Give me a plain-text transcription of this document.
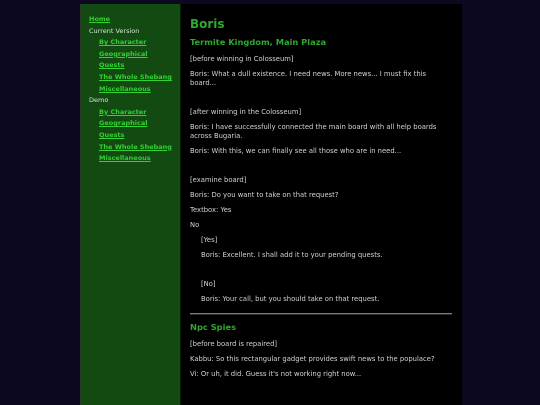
Home
Current Version
By Character
Geographical
Quests
The Whole Shebang
Miscellaneous
Demo
By Character
Geographical
Quests
The Whole Shebang
Miscellaneous
Boris
Termite Kingdom, Main Plaza
[before winning in Colosseum]
Boris: What a dull existence. I need news. More news... I must fix this board...
[after winning in the Colosseum]
Boris: I have successfully connected the main board with all help boards across Bugaria.
Boris: With this, we can finally see all those who are in need...
[examine board]
Boris: Do you want to take on that request?
Textbox: Yes
No
[Yes]
Boris: Excellent. I shall add it to your pending quests.
[No]
Boris: Your call, but you should take on that request.
Npc Spies
[before board is repaired]
Kabbu: So this rectangular gadget provides swift news to the populace?
Vi: Or uh, it did. Guess it's not working right now...
